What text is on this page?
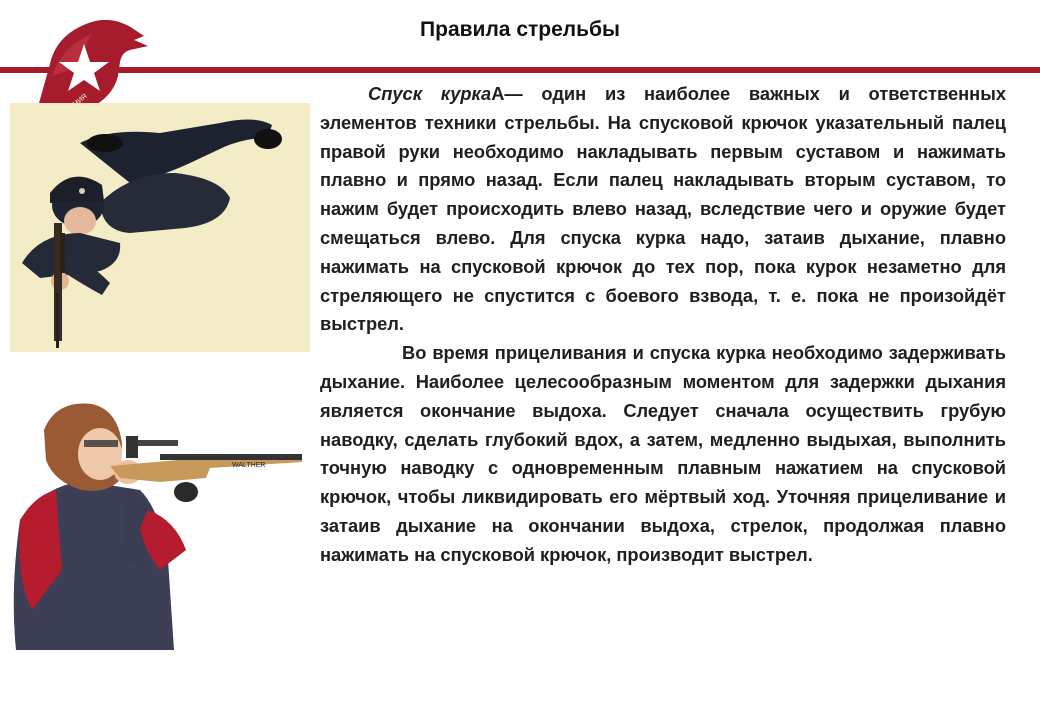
Правила стрельбы
WALTHER

Спуск куркаA— один из наиболее важных и ответственных элементов техники стрельбы. На спусковой крючок указательный палец правой руки необходимо накладывать первым суставом и нажимать плавно и прямо назад. Если палец накладывать вторым суставом, то нажим будет происходить влево назад, вследствие чего и оружие будет смещаться влево. Для спуска курка надо, затаив дыхание, плавно нажимать на спусковой крючок до тех пор, пока курок незаметно для стреляющего не спустится с боевого взвода, т. е. пока не произойдёт выстрел.

Во время прицеливания и спуска курка необходимо задерживать дыхание. Наиболее целесообразным моментом для задержки дыхания является окончание выдоха. Следует сначала осуществить грубую наводку, сделать глубокий вдох, а затем, медленно выдыхая, выполнить точную наводку с одновременным плавным нажатием на спусковой крючок, чтобы ликвидировать его мёртвый ход. Уточняя прицеливание и затаив дыхание на окончании выдоха, стрелок, продолжая плавно нажимать на спусковой крючок, производит выстрел.
